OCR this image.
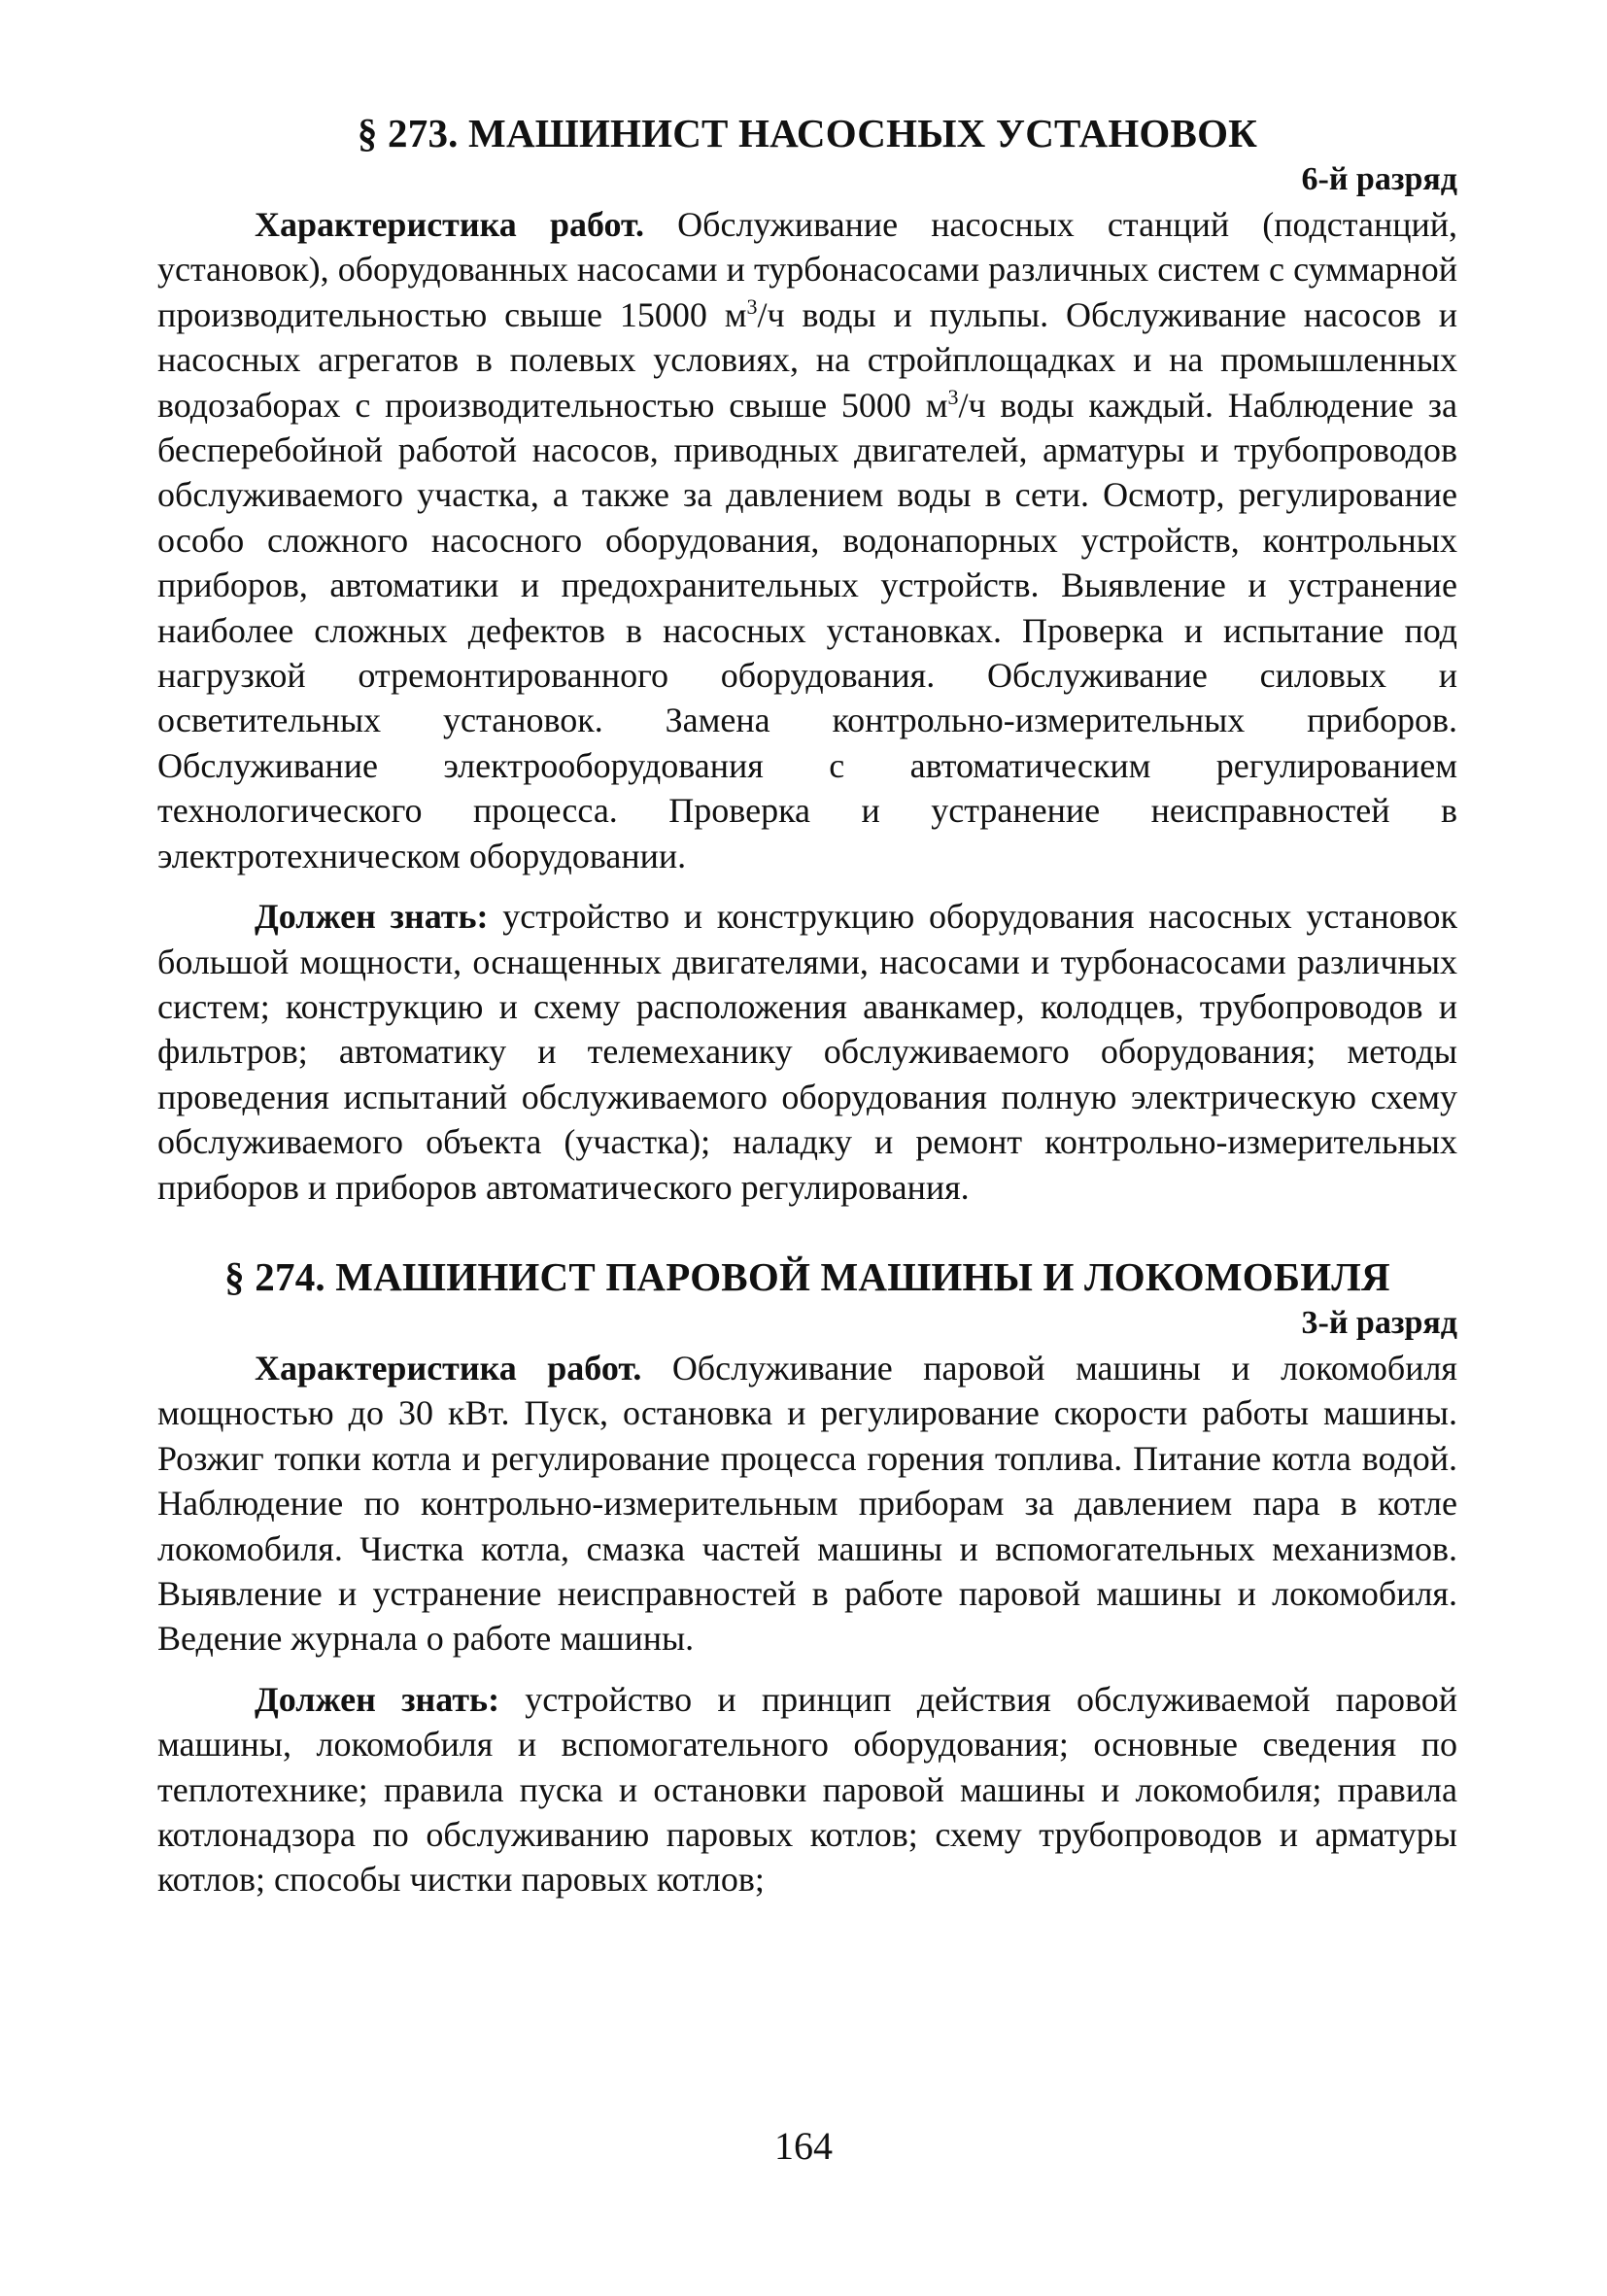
§ 273. МАШИНИСТ НАСОСНЫХ УСТАНОВОК
6-й разряд

Характеристика работ. Обслуживание насосных станций (подстанций, установок), оборудованных насосами и турбонасосами различных систем с суммарной производительностью свыше 15000 $м^3/ч$ воды и пульпы. Обслуживание насосов и насосных агрегатов в полевых условиях, на стройплощадках и на промышленных водозаборах с производительностью свыше 5000 $м^3/ч$ воды каждый. Наблюдение за бесперебойной работой насосов, приводных двигателей, арматуры и трубопроводов обслуживаемого участка, а также за давлением воды в сети. Осмотр, регулирование особо сложного насосного оборудования, водонапорных устройств, контрольных приборов, автоматики и предохранительных устройств. Выявление и устранение наиболее сложных дефектов в насосных установках. Проверка и испытание под нагрузкой отремонтированного оборудования. Обслуживание силовых и осветительных установок. Замена контрольно-измерительных приборов. Обслуживание электрооборудования с автоматическим регулированием технологического процесса. Проверка и устранение неисправностей в электротехническом оборудовании.

Должен знать: устройство и конструкцию оборудования насосных установок большой мощности, оснащенных двигателями, насосами и турбонасосами различных систем; конструкцию и схему расположения аванкамер, колодцев, трубопроводов и фильтров; автоматику и телемеханику обслуживаемого оборудования; методы проведения испытаний обслуживаемого оборудования полную электрическую схему обслуживаемого объекта (участка); наладку и ремонт контрольно-измерительных приборов и приборов автоматического регулирования.

§ 274. МАШИНИСТ ПАРОВОЙ МАШИНЫ И ЛОКОМОБИЛЯ
3-й разряд

Характеристика работ. Обслуживание паровой машины и локомобиля мощностью до 30 кВт. Пуск, остановка и регулирование скорости работы машины. Розжиг топки котла и регулирование процесса горения топлива. Питание котла водой. Наблюдение по контрольно-измерительным приборам за давлением пара в котле локомобиля. Чистка котла, смазка частей машины и вспомогательных механизмов. Выявление и устранение неисправностей в работе паровой машины и локомобиля. Ведение журнала о работе машины.

Должен знать: устройство и принцип действия обслуживаемой паровой машины, локомобиля и вспомогательного оборудования; основные сведения по теплотехнике; правила пуска и остановки паровой машины и локомобиля; правила котлонадзора по обслуживанию паровых котлов; схему трубопроводов и арматуры котлов; способы чистки паровых котлов;

164
